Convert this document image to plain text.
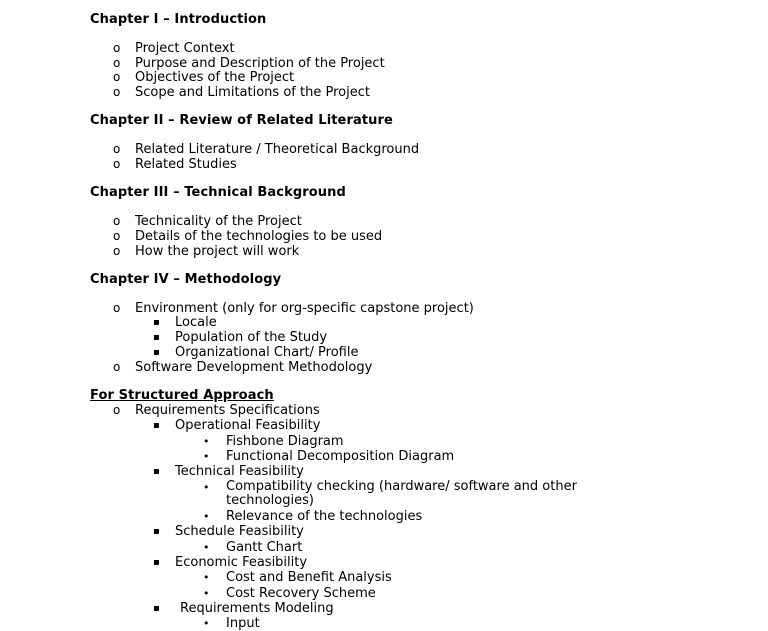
Chapter I – Introduction
o Project Context
o Purpose and Description of the Project
o Objectives of the Project
o Scope and Limitations of the Project
Chapter II – Review of Related Literature
o Related Literature / Theoretical Background
o Related Studies
Chapter III – Technical Background
o Technicality of the Project
o Details of the technologies to be used
o How the project will work
Chapter IV – Methodology
o Environment (only for org-specific capstone project)
▪ Locale
▪ Population of the Study
▪ Organizational Chart/ Profile
o Software Development Methodology
For Structured Approach
o Requirements Specifications
▪ Operational Feasibility
• Fishbone Diagram
• Functional Decomposition Diagram
▪ Technical Feasibility
• Compatibility checking (hardware/ software and other technologies)
• Relevance of the technologies
▪ Schedule Feasibility
• Gantt Chart
▪ Economic Feasibility
• Cost and Benefit Analysis
• Cost Recovery Scheme
▪ Requirements Modeling
• Input
